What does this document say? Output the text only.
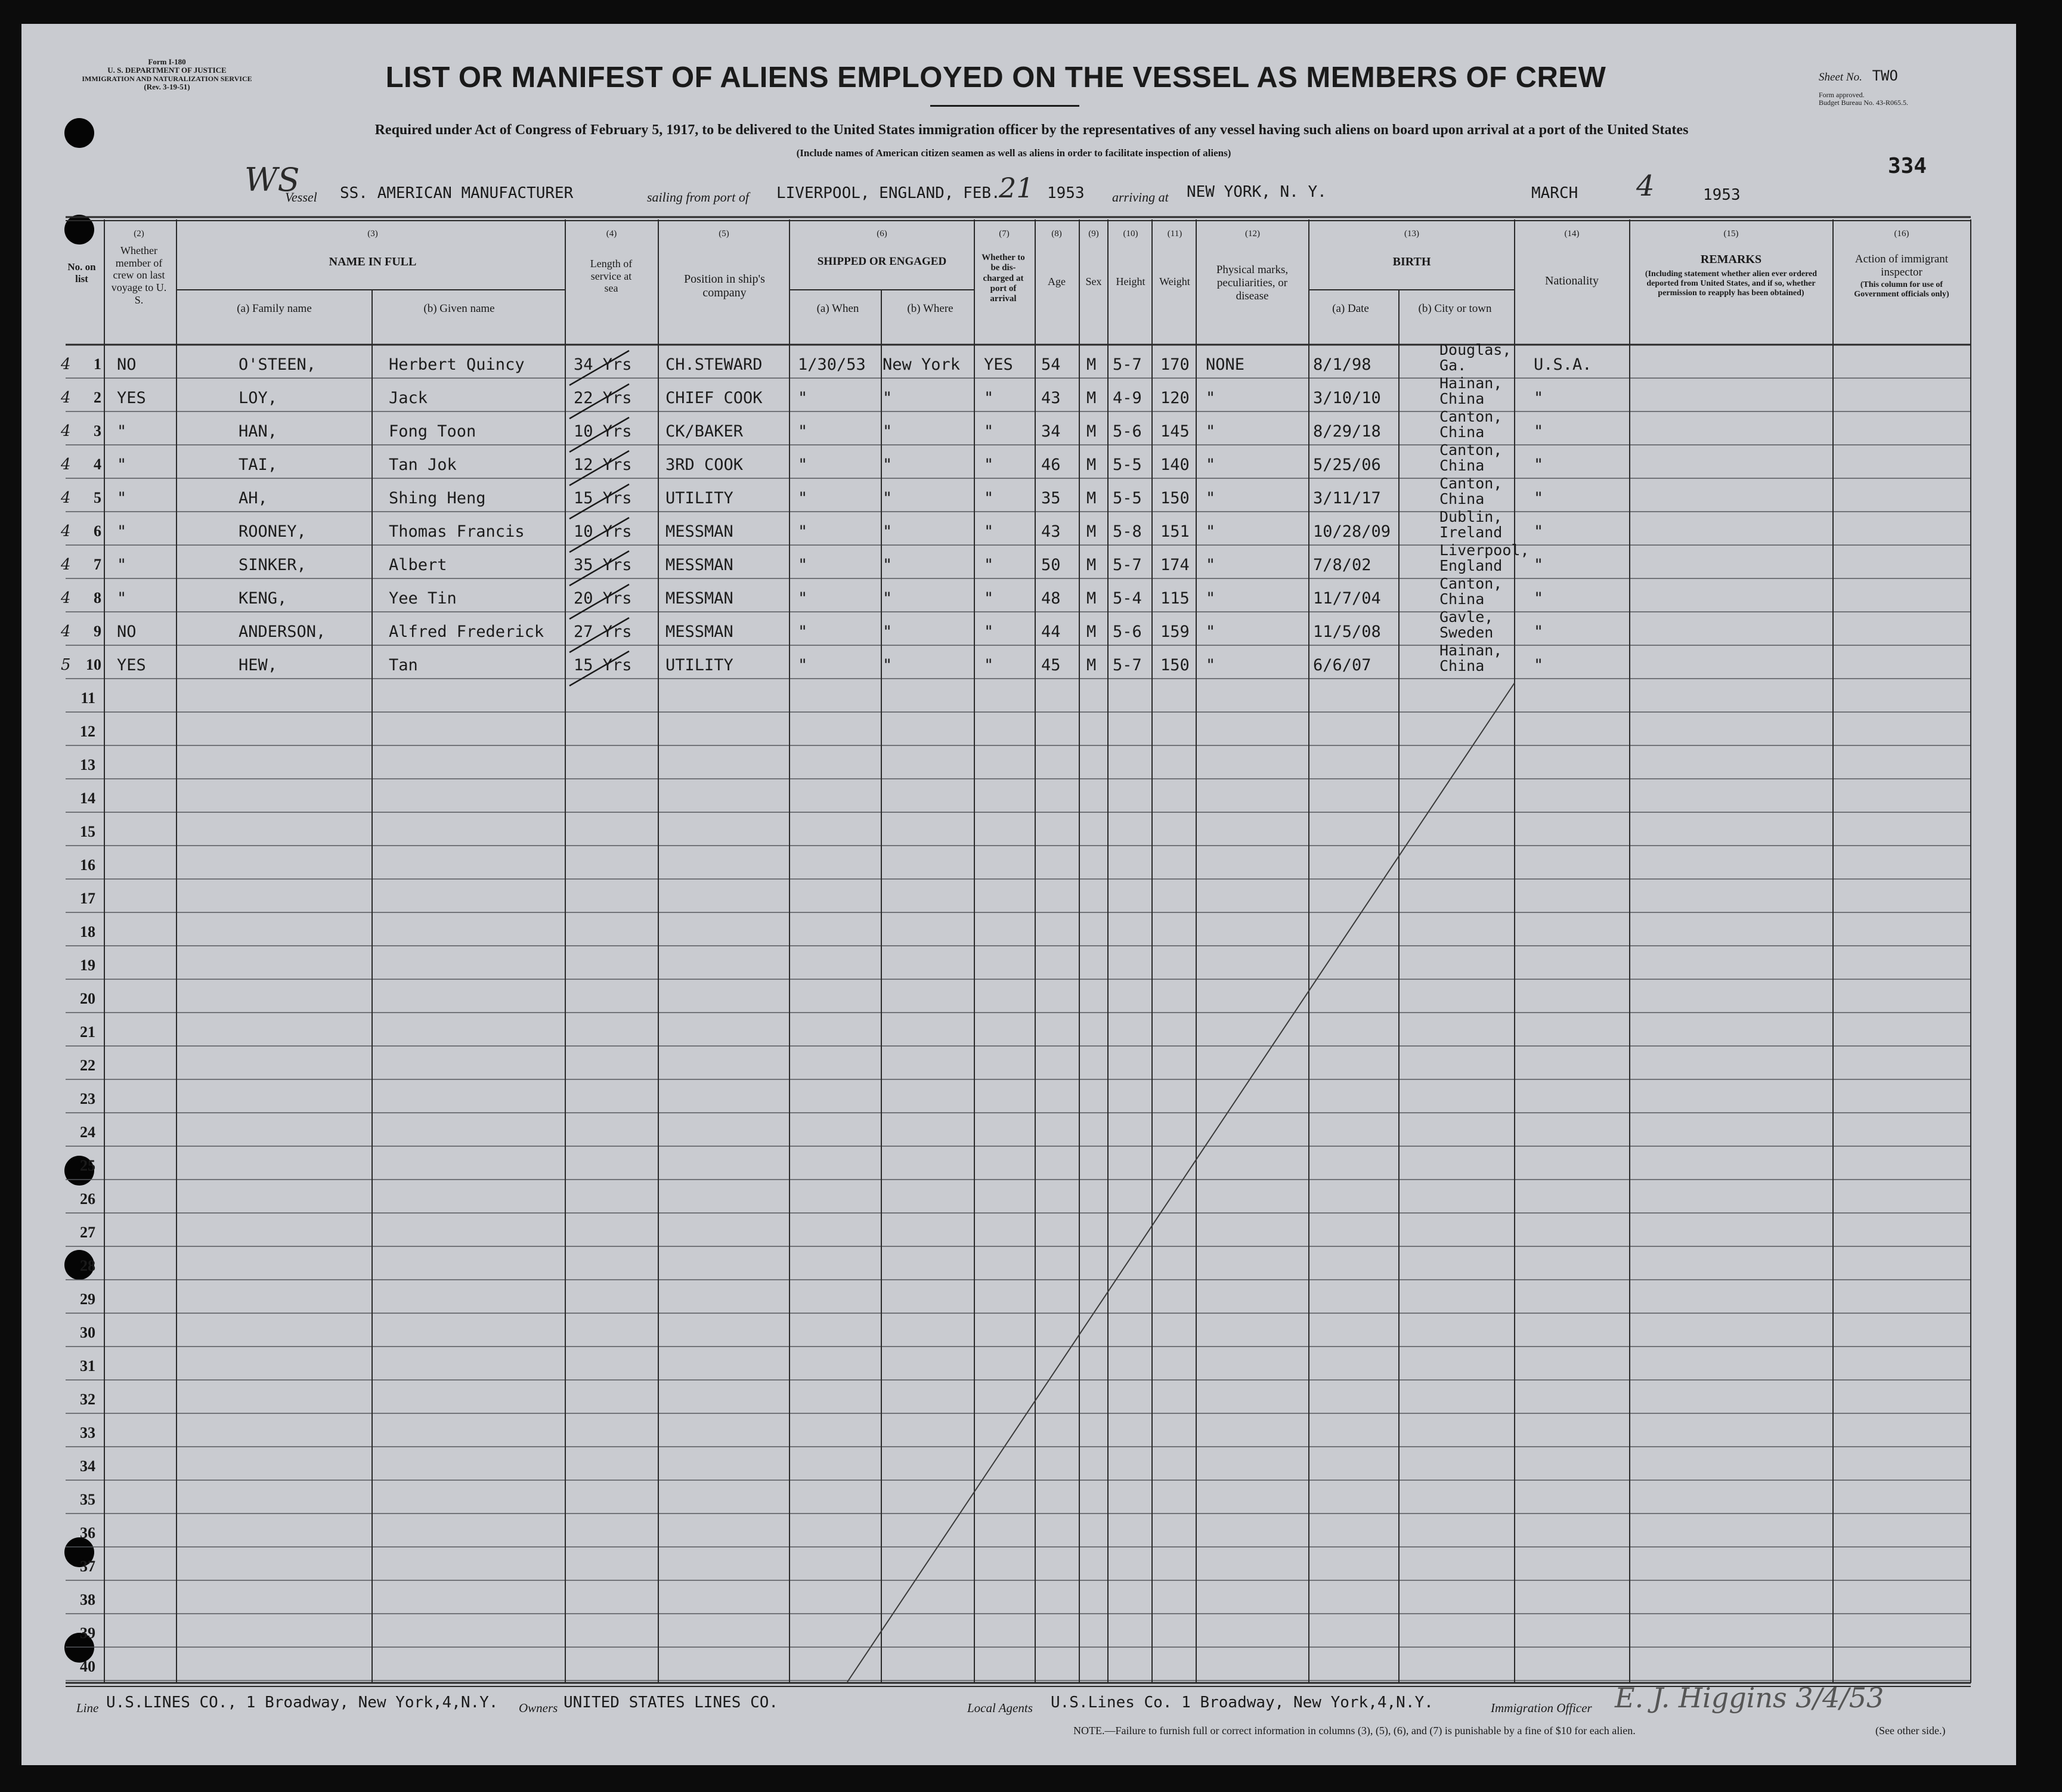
Form I-180
U. S. DEPARTMENT OF JUSTICE
IMMIGRATION AND NATURALIZATION SERVICE
(Rev. 3-19-51)	LIST OR MANIFEST OF ALIENS EMPLOYED ON THE VESSEL AS MEMBERS OF CREW	Sheet No. TWO
Form approved.
Budget Bureau No. 43-R065.5.
334
Required under Act of Congress of February 5, 1917, to be delivered to the United States immigration officer by the representatives of any vessel having such aliens on board upon arrival at a port of the United States
(Include names of American citizen seamen as well as aliens in order to facilitate inspection of aliens)
WS
Vessel SS. AMERICAN MANUFACTURER	sailing from port of LIVERPOOL, ENGLAND, FEB.
21 1953 arriving at NEW YORK, N. Y.	MARCH 4	1953
No. on list
(2)
Whether member of crew on last voyage to U. S.
(3)
NAME IN FULL
(a) Family name	(b) Given name
(4)
Length of service at sea
(5)
Position in ship's company
(6)
SHIPPED OR ENGAGED
(a) When	(b) Where
(7)
Whether to be dis- charged at port of arrival
(8)
Age
(9)
Sex
(10)
Height
(11)
Weight
(12)
Physical marks, peculiarities, or disease
(13)
BIRTH
(a) Date	(b) City or town
(14)
Nationality
(15)
REMARKS
(Including statement whether alien ever ordered deported from United States, and if so, whether permission to reapply has been obtained)
(16)
Action of immigrant inspector
(This column for use of Government officials only)
4	1 NO	O'STEEN,	Herbert Quincy	34 Yrs CH.STEWARD 1/30/53 New York YES 54 M 5-7 170 NONE	8/1/98
Douglas,
Ga.	U.S.A.
4	2 YES	LOY,	Jack	22 Yrs CHIEF COOK "	"	"	43 M 4-9 120 "	3/10/10
Hainan,
China	"
4	3 "	HAN,	Fong Toon	10 Yrs CK/BAKER	"	"	"	34 M 5-6 145 "	8/29/18
Canton,
China	"
4	4 "	TAI,	Tan Jok	12 Yrs 3RD COOK	"	"	"	46 M 5-5 140 "	5/25/06
Canton,
China	"
4	5 "	AH,	Shing Heng	15 Yrs UTILITY	"	"	"	35 M 5-5 150 "	3/11/17
Canton,
China	"
4	6 "	ROONEY,	Thomas Francis	10 Yrs MESSMAN	"	"	"	43 M 5-8 151 "	10/28/09
Dublin,
Ireland "
4	7 "	SINKER,	Albert	35 Yrs MESSMAN	"	"	"	50 M 5-7 174 "	7/8/02
Liverpool,
England	"
4	8 "	KENG,	Yee Tin	20 Yrs MESSMAN	"	"	"	48 M 5-4 115 "	11/7/04
Canton,
China	"
4	9 NO	ANDERSON,	Alfred Frederick 27 Yrs MESSMAN	"	"	"	44 M 5-6 159 "	11/5/08
Gavle,
Sweden	"
5 10 YES	HEW,	Tan	15 Yrs UTILITY	"	"	"	45 M 5-7 150 "	6/6/07
Hainan,
China	"
11
12
13
14
15
16
17
18
19
20
21
22
23
24
25
26
27
28
29
30
31
32
33
34
35
36
37
38
39
40
Line U.S.LINES CO., 1 Broadway, New York,4,N.Y. Owners UNITED STATES LINES CO.	Local Agents U.S.Lines Co. 1 Broadway, New York,4,N.Y.	Immigration Officer E. J. Higgins 3/4/53
NOTE.—Failure to furnish full or correct information in columns (3), (5), (6), and (7) is punishable by a fine of $10 for each alien.	(See other side.)
